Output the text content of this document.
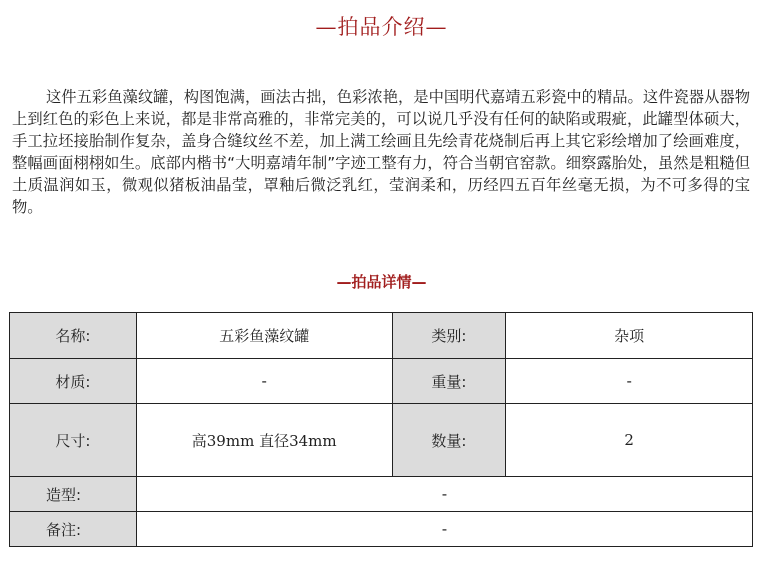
—拍品介绍—

这件五彩鱼藻纹罐，构图饱满，画法古拙，色彩浓艳，是中国明代嘉靖五彩瓷中的精品。这件瓷器从器物上到红色的彩色上来说，都是非常高雅的，非常完美的，可以说几乎没有任何的缺陷或瑕疵，此罐型体硕大，手工拉坯接胎制作复杂，盖身合缝纹丝不差，加上满工绘画且先绘青花烧制后再上其它彩绘增加了绘画难度，整幅画面栩栩如生。底部内楷书“大明嘉靖年制”字迹工整有力，符合当朝官窑款。细察露胎处，虽然是粗糙但土质温润如玉，微观似猪板油晶莹，罩釉后微泛乳红，莹润柔和，历经四五百年丝毫无损，为不可多得的宝物。

—拍品详情—
名称:	五彩鱼藻纹罐	类别:	杂项
材质:	-	重量:	-
尺寸:	高39mm 直径34mm	数量:	2
造型:	-		
备注:	-		
